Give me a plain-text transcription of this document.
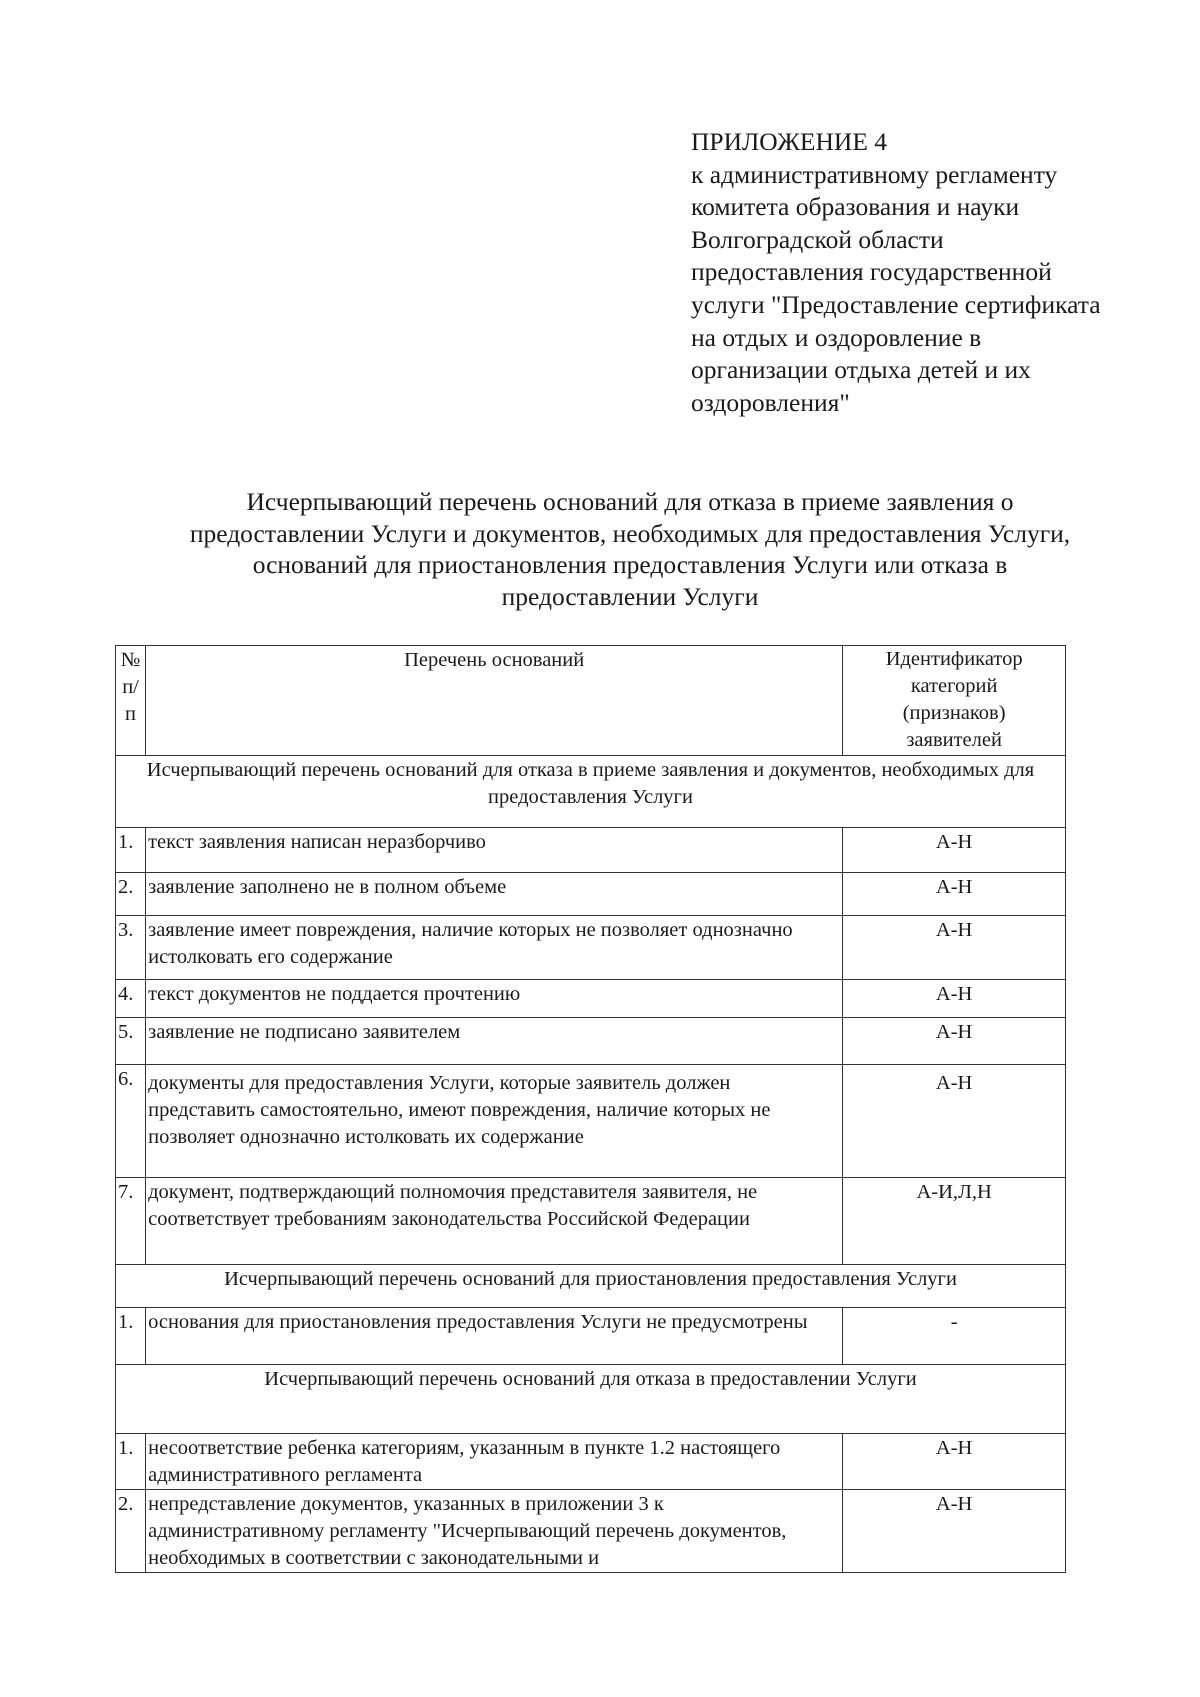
ПРИЛОЖЕНИЕ 4
к административному регламенту
комитета образования и науки
Волгоградской области
предоставления государственной
услуги "Предоставление сертификата
на отдых и оздоровление в
организации отдыха детей и их
оздоровления"
Исчерпывающий перечень оснований для отказа в приеме заявления о
предоставлении Услуги и документов, необходимых для предоставления Услуги,
оснований для приостановления предоставления Услуги или отказа в
предоставлении Услуги
№ п/п	Перечень оснований	Идентификатор категорий (признаков) заявителей
Исчерпывающий перечень оснований для отказа в приеме заявления и документов, необходимых для предоставления Услуги		
1.	текст заявления написан неразборчиво	А-Н
2.	заявление заполнено не в полном объеме	А-Н
3.	заявление имеет повреждения, наличие которых не позволяет однозначно истолковать его содержание	А-Н
4.	текст документов не поддается прочтению	А-Н
5.	заявление не подписано заявителем	А-Н
6.	документы для предоставления Услуги, которые заявитель должен представить самостоятельно, имеют повреждения, наличие которых не позволяет однозначно истолковать их содержание	А-Н
7.	документ, подтверждающий полномочия представителя заявителя, не соответствует требованиям законодательства Российской Федерации	А-И,Л,Н
Исчерпывающий перечень оснований для приостановления предоставления Услуги		
1.	основания для приостановления предоставления Услуги не предусмотрены	-
Исчерпывающий перечень оснований для отказа в предоставлении Услуги		
1.	несоответствие ребенка категориям, указанным в пункте 1.2 настоящего административного регламента	А-Н
2.	непредставление документов, указанных в приложении 3 к административному регламенту "Исчерпывающий перечень документов, необходимых в соответствии с законодательными и	А-Н
